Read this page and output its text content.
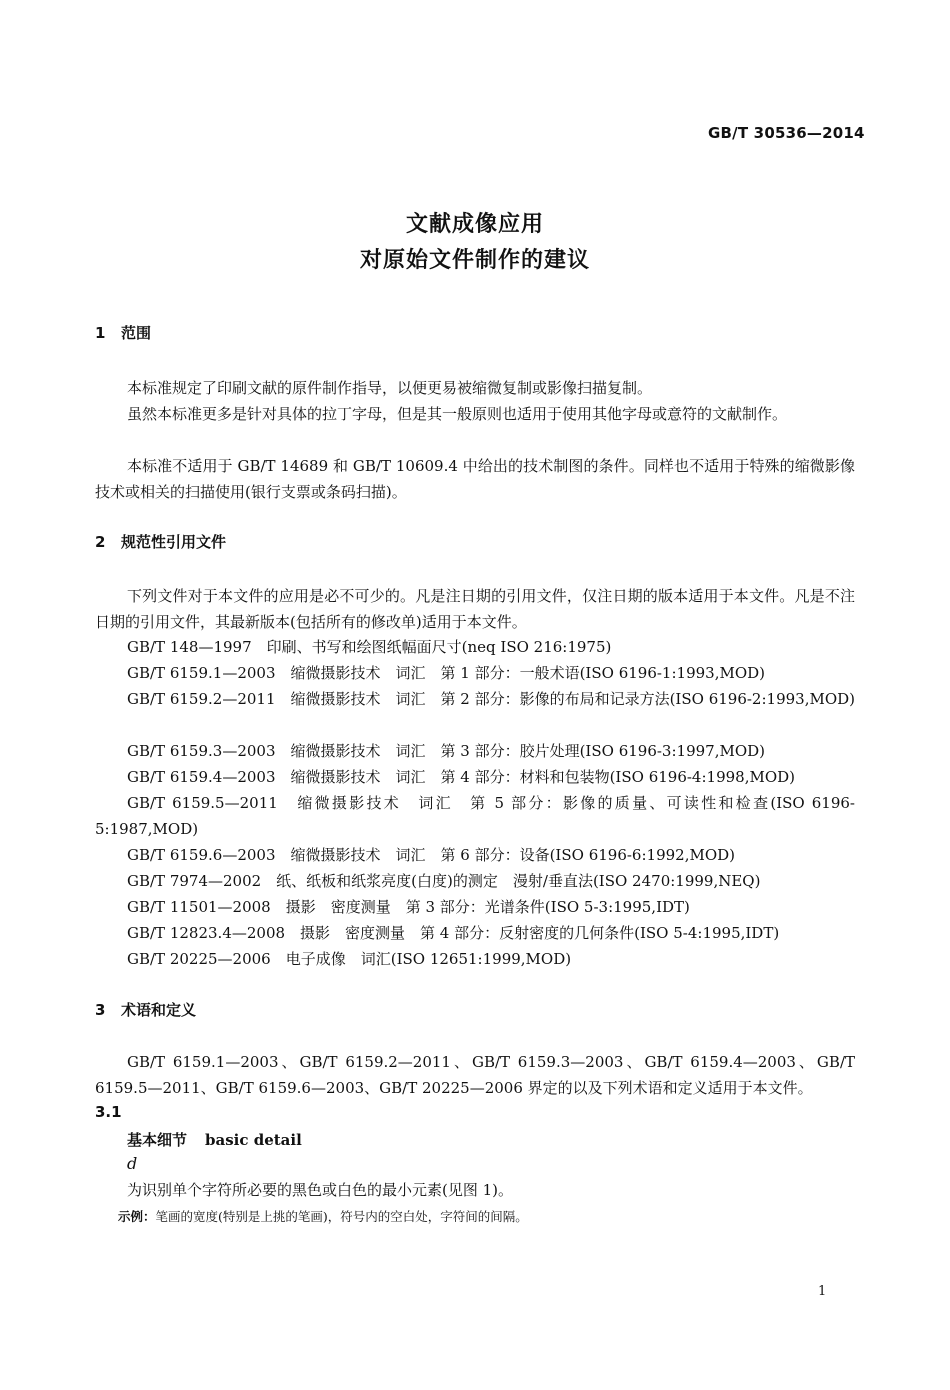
GB/T 30536—2014
文献成像应用
对原始文件制作的建议
1 范围
本标准规定了印刷文献的原件制作指导，以便更易被缩微复制或影像扫描复制。
虽然本标准更多是针对具体的拉丁字母，但是其一般原则也适用于使用其他字母或意符的文献制作。
本标准不适用于 GB/T 14689 和 GB/T 10609.4 中给出的技术制图的条件。同样也不适用于特殊的缩微影像技术或相关的扫描使用(银行支票或条码扫描)。
2 规范性引用文件
下列文件对于本文件的应用是必不可少的。凡是注日期的引用文件，仅注日期的版本适用于本文件。凡是不注日期的引用文件，其最新版本(包括所有的修改单)适用于本文件。
GB/T 148—1997　印刷、书写和绘图纸幅面尺寸(neq ISO 216:1975)
GB/T 6159.1—2003　缩微摄影技术　词汇　第 1 部分：一般术语(ISO 6196-1:1993,MOD)
GB/T 6159.2—2011　缩微摄影技术　词汇　第 2 部分：影像的布局和记录方法(ISO 6196-2:1993,MOD)
GB/T 6159.3—2003　缩微摄影技术　词汇　第 3 部分：胶片处理(ISO 6196-3:1997,MOD)
GB/T 6159.4—2003　缩微摄影技术　词汇　第 4 部分：材料和包装物(ISO 6196-4:1998,MOD)
GB/T 6159.5—2011　缩微摄影技术　词汇　第 5 部分：影像的质量、可读性和检查(ISO 6196-5:1987,MOD)
GB/T 6159.6—2003　缩微摄影技术　词汇　第 6 部分：设备(ISO 6196-6:1992,MOD)
GB/T 7974—2002　纸、纸板和纸浆亮度(白度)的测定　漫射/垂直法(ISO 2470:1999,NEQ)
GB/T 11501—2008　摄影　密度测量　第 3 部分：光谱条件(ISO 5-3:1995,IDT)
GB/T 12823.4—2008　摄影　密度测量　第 4 部分：反射密度的几何条件(ISO 5-4:1995,IDT)
GB/T 20225—2006　电子成像　词汇(ISO 12651:1999,MOD)
3 术语和定义
GB/T 6159.1—2003、GB/T 6159.2—2011、GB/T 6159.3—2003、GB/T 6159.4—2003、GB/T 6159.5—2011、GB/T 6159.6—2003、GB/T 20225—2006 界定的以及下列术语和定义适用于本文件。
3.1
基本细节 basic detail
d
为识别单个字符所必要的黑色或白色的最小元素(见图 1)。
示例：笔画的宽度(特别是上挑的笔画)，符号内的空白处，字符间的间隔。
1
